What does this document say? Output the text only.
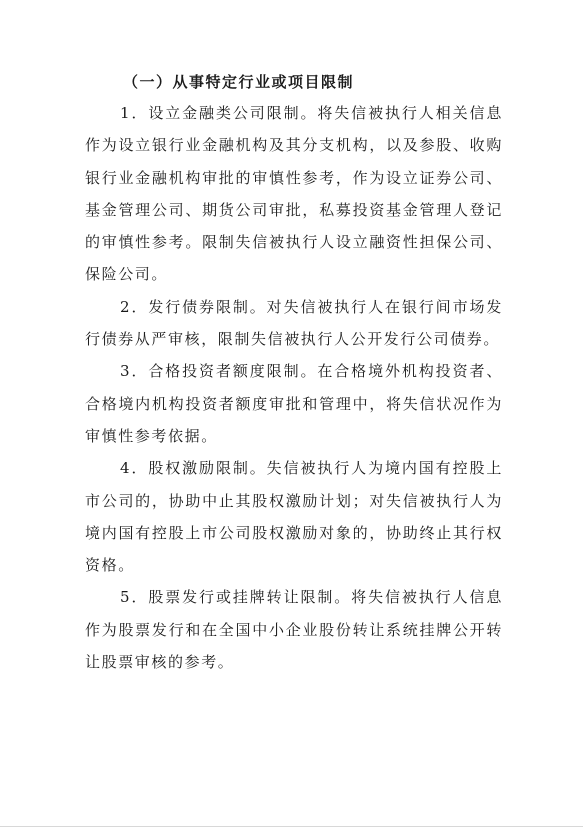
（一）从事特定行业或项目限制

1．设立金融类公司限制。将失信被执行人相关信息作为设立银行业金融机构及其分支机构，以及参股、收购银行业金融机构审批的审慎性参考，作为设立证券公司、基金管理公司、期货公司审批，私募投资基金管理人登记的审慎性参考。限制失信被执行人设立融资性担保公司、保险公司。

2．发行债券限制。对失信被执行人在银行间市场发行债券从严审核，限制失信被执行人公开发行公司债券。

3．合格投资者额度限制。在合格境外机构投资者、合格境内机构投资者额度审批和管理中，将失信状况作为审慎性参考依据。

4．股权激励限制。失信被执行人为境内国有控股上市公司的，协助中止其股权激励计划；对失信被执行人为境内国有控股上市公司股权激励对象的，协助终止其行权资格。

5．股票发行或挂牌转让限制。将失信被执行人信息作为股票发行和在全国中小企业股份转让系统挂牌公开转让股票审核的参考。
